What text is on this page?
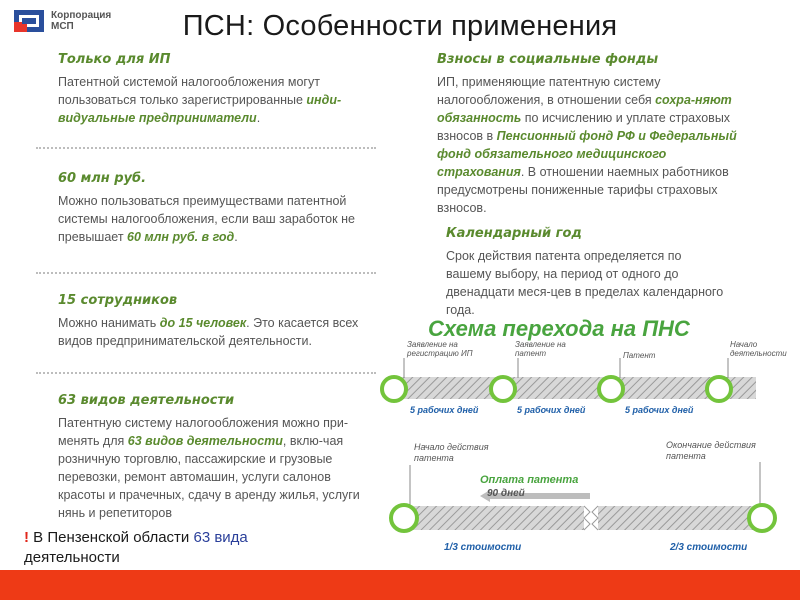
Корпорация
МСП	ПСН: Особенности применения
Только для ИП
Патентной системой налогообложения могут пользоваться только зарегистрированные инди-видуальные предприниматели.
60 млн руб.
Можно пользоваться преимуществами патентной системы налогообложения, если ваш заработок не превышает 60 млн руб. в год.
15 сотрудников
Можно нанимать до 15 человек. Это касается всех видов предпринимательской деятельности.
63 видов деятельности
Патентную систему налогообложения можно при-менять для 63 видов деятельности, вклю-чая розничную торговлю, пассажирские и грузовые перевозки, ремонт автомашин, услуги салонов красоты и прачечных, сдачу в аренду жилья, услуги нянь и репетиторов
Взносы в социальные фонды
ИП, применяющие патентную систему налогообложения, в отношении себя сохра-няют обязанность по исчислению и уплате страховых взносов в Пенсионный фонд РФ и Федеральный фонд обязательного медицинского страхования. В отношении наемных работников предусмотрены пониженные тарифы страховых взносов.
Календарный год
Срок действия патента определяется по вашему выбору, на период от одного до двенадцати меся-цев в пределах календарного года.
Схема перехода на ПНС
Заявление на регистрацию ИП
Заявление на патент	Патент
Начало деятельности
5 рабочих дней	5 рабочих дней	5 рабочих дней
Начало действия патента
Окончание действия патента
Оплата патента
90 дней
1/3 стоимости	2/3 стоимости
! В Пензенской области 63 вида
деятельности
